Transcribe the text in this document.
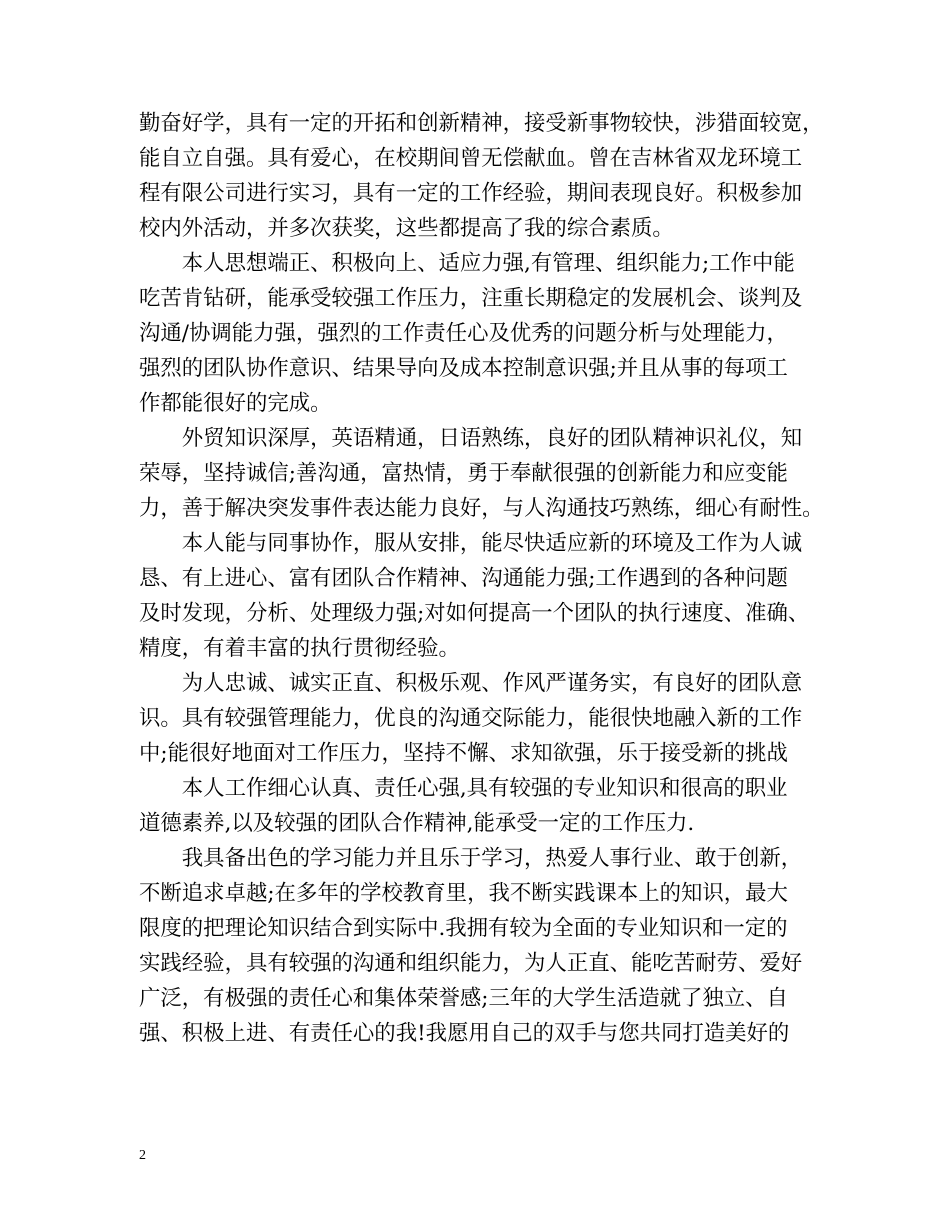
勤奋好学，具有一定的开拓和创新精神，接受新事物较快，涉猎面较宽，
能自立自强。具有爱心，在校期间曾无偿献血。曾在吉林省双龙环境工
程有限公司进行实习，具有一定的工作经验，期间表现良好。积极参加
校内外活动，并多次获奖，这些都提高了我的综合素质。
　　本人思想端正、积极向上、适应力强,有管理、组织能力;工作中能
吃苦肯钻研，能承受较强工作压力，注重长期稳定的发展机会、谈判及
沟通/协调能力强，强烈的工作责任心及优秀的问题分析与处理能力，
强烈的团队协作意识、结果导向及成本控制意识强;并且从事的每项工
作都能很好的完成。
　　外贸知识深厚，英语精通，日语熟练，良好的团队精神识礼仪，知
荣辱，坚持诚信;善沟通，富热情，勇于奉献很强的创新能力和应变能
力，善于解决突发事件表达能力良好，与人沟通技巧熟练，细心有耐性。
　　本人能与同事协作，服从安排，能尽快适应新的环境及工作为人诚
恳、有上进心、富有团队合作精神、沟通能力强;工作遇到的各种问题
及时发现，分析、处理级力强;对如何提高一个团队的执行速度、准确、
精度，有着丰富的执行贯彻经验。
　　为人忠诚、诚实正直、积极乐观、作风严谨务实，有良好的团队意
识。具有较强管理能力，优良的沟通交际能力，能很快地融入新的工作
中;能很好地面对工作压力，坚持不懈、求知欲强，乐于接受新的挑战
　　本人工作细心认真、责任心强,具有较强的专业知识和很高的职业
道德素养,以及较强的团队合作精神,能承受一定的工作压力.
　　我具备出色的学习能力并且乐于学习，热爱人事行业、敢于创新，
不断追求卓越;在多年的学校教育里，我不断实践课本上的知识，最大
限度的把理论知识结合到实际中.我拥有较为全面的专业知识和一定的
实践经验，具有较强的沟通和组织能力，为人正直、能吃苦耐劳、爱好
广泛，有极强的责任心和集体荣誉感;三年的大学生活造就了独立、自
强、积极上进、有责任心的我!我愿用自己的双手与您共同打造美好的
2
